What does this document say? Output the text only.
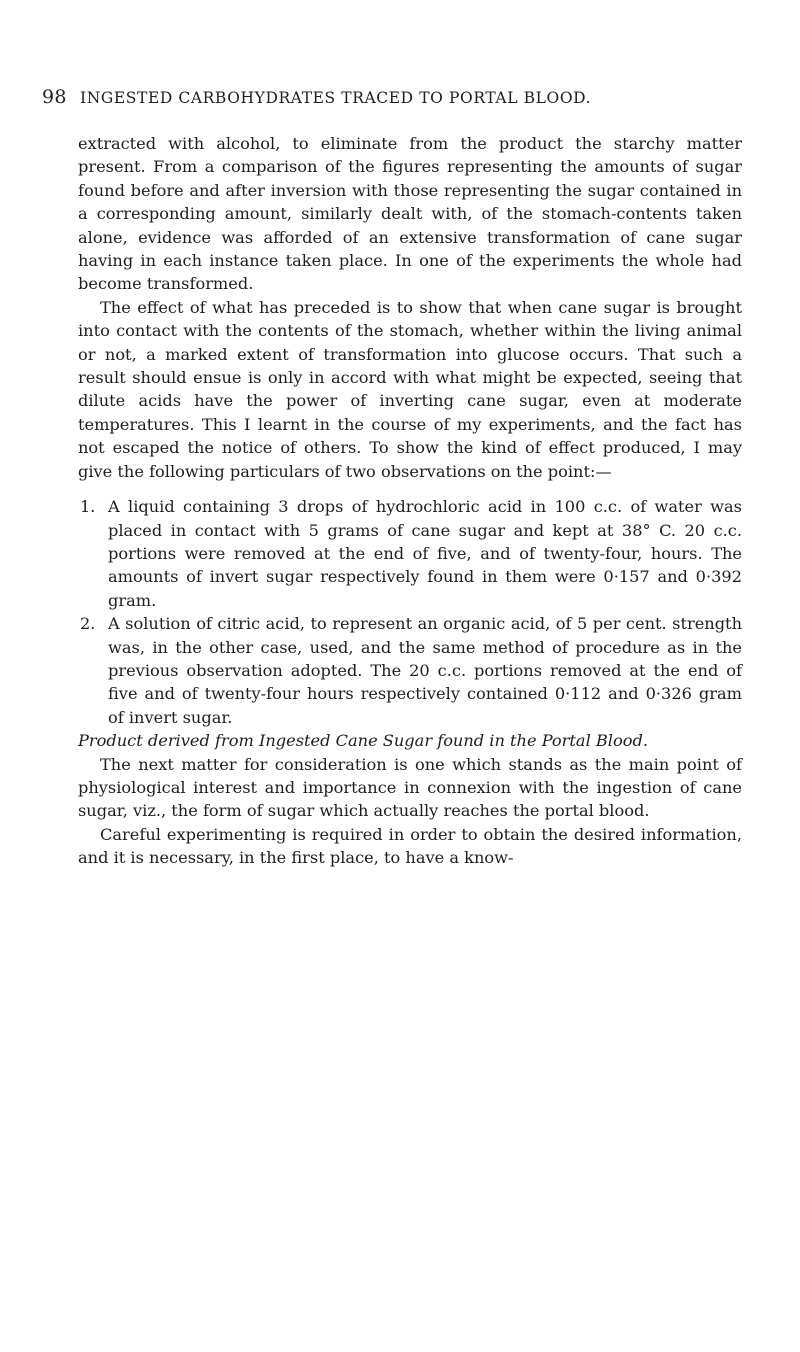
98 INGESTED CARBOHYDRATES TRACED TO PORTAL BLOOD.

extracted with alcohol, to eliminate from the product the starchy matter present. From a comparison of the figures representing the amounts of sugar found before and after inversion with those representing the sugar contained in a corresponding amount, similarly dealt with, of the stomach-contents taken alone, evidence was afforded of an extensive transformation of cane sugar having in each instance taken place. In one of the experiments the whole had become transformed.

The effect of what has preceded is to show that when cane sugar is brought into contact with the contents of the stomach, whether within the living animal or not, a marked extent of transformation into glucose occurs. That such a result should ensue is only in accord with what might be expected, seeing that dilute acids have the power of inverting cane sugar, even at moderate temperatures. This I learnt in the course of my experiments, and the fact has not escaped the notice of others. To show the kind of effect produced, I may give the following particulars of two observations on the point:—

1. A liquid containing 3 drops of hydrochloric acid in 100 c.c. of water was placed in contact with 5 grams of cane sugar and kept at 38° C. 20 c.c. portions were removed at the end of five, and of twenty-four, hours. The amounts of invert sugar respectively found in them were 0·157 and 0·392 gram.
2. A solution of citric acid, to represent an organic acid, of 5 per cent. strength was, in the other case, used, and the same method of procedure as in the previous observation adopted. The 20 c.c. portions removed at the end of five and of twenty-four hours respectively contained 0·112 and 0·326 gram of invert sugar.

Product derived from Ingested Cane Sugar found in the Portal Blood.

The next matter for consideration is one which stands as the main point of physiological interest and importance in connexion with the ingestion of cane sugar, viz., the form of sugar which actually reaches the portal blood.

Careful experimenting is required in order to obtain the desired information, and it is necessary, in the first place, to have a know-
